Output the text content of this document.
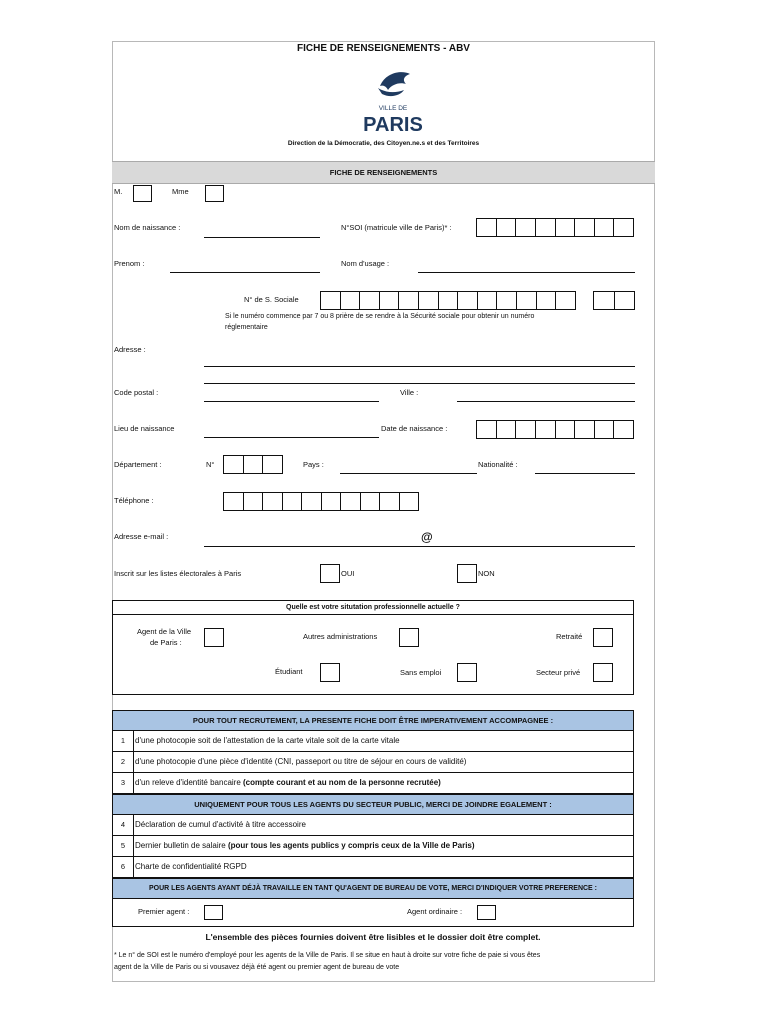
FICHE DE RENSEIGNEMENTS - ABV
VILLE DE
PARIS
Direction de la Démocratie, des Citoyen.ne.s et des Territoires
FICHE DE RENSEIGNEMENTS
M.	Mme
Nom de naissance :	N°SOI (matricule ville de Paris)* :
Prenom :	Nom d'usage :
N° de S. Sociale
Si le numéro commence par 7 ou 8 prière de se rendre à la Sécurité sociale pour obtenir un numéro
réglementaire
Adresse :
Code postal :	Ville :
Lieu de naissance	Date de naissance :
Département :	N°	Pays :	Nationalité :
Téléphone :
Adresse e-mail :	@
Inscrit sur les listes électorales à Paris	OUI	NON
Quelle est votre situtation professionnelle actuelle ?
Agent de la Ville
de Paris :
Autres administrations	Retraité
Étudiant	Sans emploi	Secteur privé
POUR TOUT RECRUTEMENT, LA PRESENTE FICHE DOIT ÊTRE IMPERATIVEMENT ACCOMPAGNEE :
1	d'une photocopie soit de l'attestation de la carte vitale soit de la carte vitale
2	d'une photocopie d'une pièce d'identité (CNI, passeport ou titre de séjour en cours de validité)
3	d'un releve d'identité bancaire (compte courant et au nom de la personne recrutée)
UNIQUEMENT POUR TOUS LES AGENTS DU SECTEUR PUBLIC, MERCI DE JOINDRE EGALEMENT :
4	Déclaration de cumul d'activité à titre accessoire
5	Dernier bulletin de salaire (pour tous les agents publics y compris ceux de la Ville de Paris)
6	Charte de confidentialité RGPD
POUR LES AGENTS AYANT DÉJÀ TRAVAILLE EN TANT QU'AGENT DE BUREAU DE VOTE, MERCI D'INDIQUER VOTRE PREFERENCE :
Premier agent :	Agent ordinaire :
L'ensemble des pièces fournies doivent être lisibles et le dossier doit être complet.
* Le n° de SOI est le numéro d'employé pour les agents de la Ville de Paris. Il se situe en haut à droite sur votre fiche de paie si vous êtes
agent de la Ville de Paris ou si vousavez déjà été agent ou premier agent de bureau de vote
